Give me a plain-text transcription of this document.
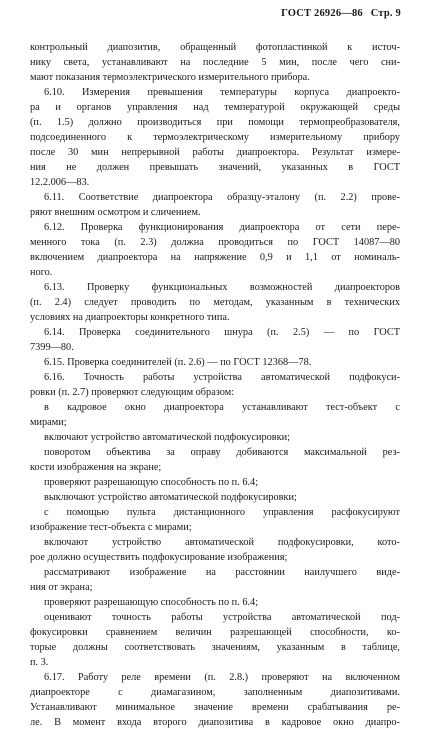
ГОСТ 26926—86 Стр. 9
контрольный диапозитив, обращенный фотопластинкой к источ-
нику света, устанавливают на последние 5 мин, после чего сни-
мают показания термоэлектрического измерительного прибора.
6.10. Измерения превышения температуры корпуса диапроекто-
ра и органов управления над температурой окружающей среды
(п. 1.5) должно производиться при помощи термопреобразователя,
подсоединенного к термоэлектрическому измерительному прибору
после 30 мин непрерывной работы диапроектора. Результат измере-
ния не должен превышать значений, указанных в ГОСТ
12.2.006—83.
6.11. Соответствие диапроектора образцу-эталону (п. 2.2) прове-
ряют внешним осмотром и сличением.
6.12. Проверка функционирования диапроектора от сети пере-
менного тока (п. 2.3) должна проводиться по ГОСТ 14087—80
включением диапроектора на напряжение 0,9 и 1,1 от номиналь-
ного.
6.13. Проверку функциональных возможностей диапроекторов
(п. 2.4) следует проводить по методам, указанным в технических
условиях на диапроекторы конкретного типа.
6.14. Проверка соединительного шнура (п. 2.5) — по ГОСТ
7399—80.
6.15. Проверка соединителей (п. 2.6) — по ГОСТ 12368—78.
6.16. Точность работы устройства автоматической подфокуси-
ровки (п. 2.7) проверяют следующим образом:
в кадровое окно диапроектора устанавливают тест-объект с
мирами;
включают устройство автоматической подфокусировки;
поворотом объектива за оправу добиваются максимальной рез-
кости изображения на экране;
проверяют разрешающую способность по п. 6.4;
выключают устройство автоматической подфокусировки;
с помощью пульта дистанционного управления расфокусируют
изображение тест-объекта с мирами;
включают устройство автоматической подфокусировки, кото-
рое должно осуществить подфокусирование изображения;
рассматривают изображение на расстоянии наилучшего виде-
ния от экрана;
проверяют разрешающую способность по п. 6.4;
оценивают точность работы устройства автоматической под-
фокусировки сравнением величин разрешающей способности, ко-
торые должны соответствовать значениям, указанным в таблице,
п. 3.
6.17. Работу реле времени (п. 2.8.) проверяют на включенном
диапроекторе с диамагазином, заполненным диапозитивами.
Устанавливают минимальное значение времени срабатывания ре-
ле. В момент входа второго диапозитива в кадровое окно диапро-
